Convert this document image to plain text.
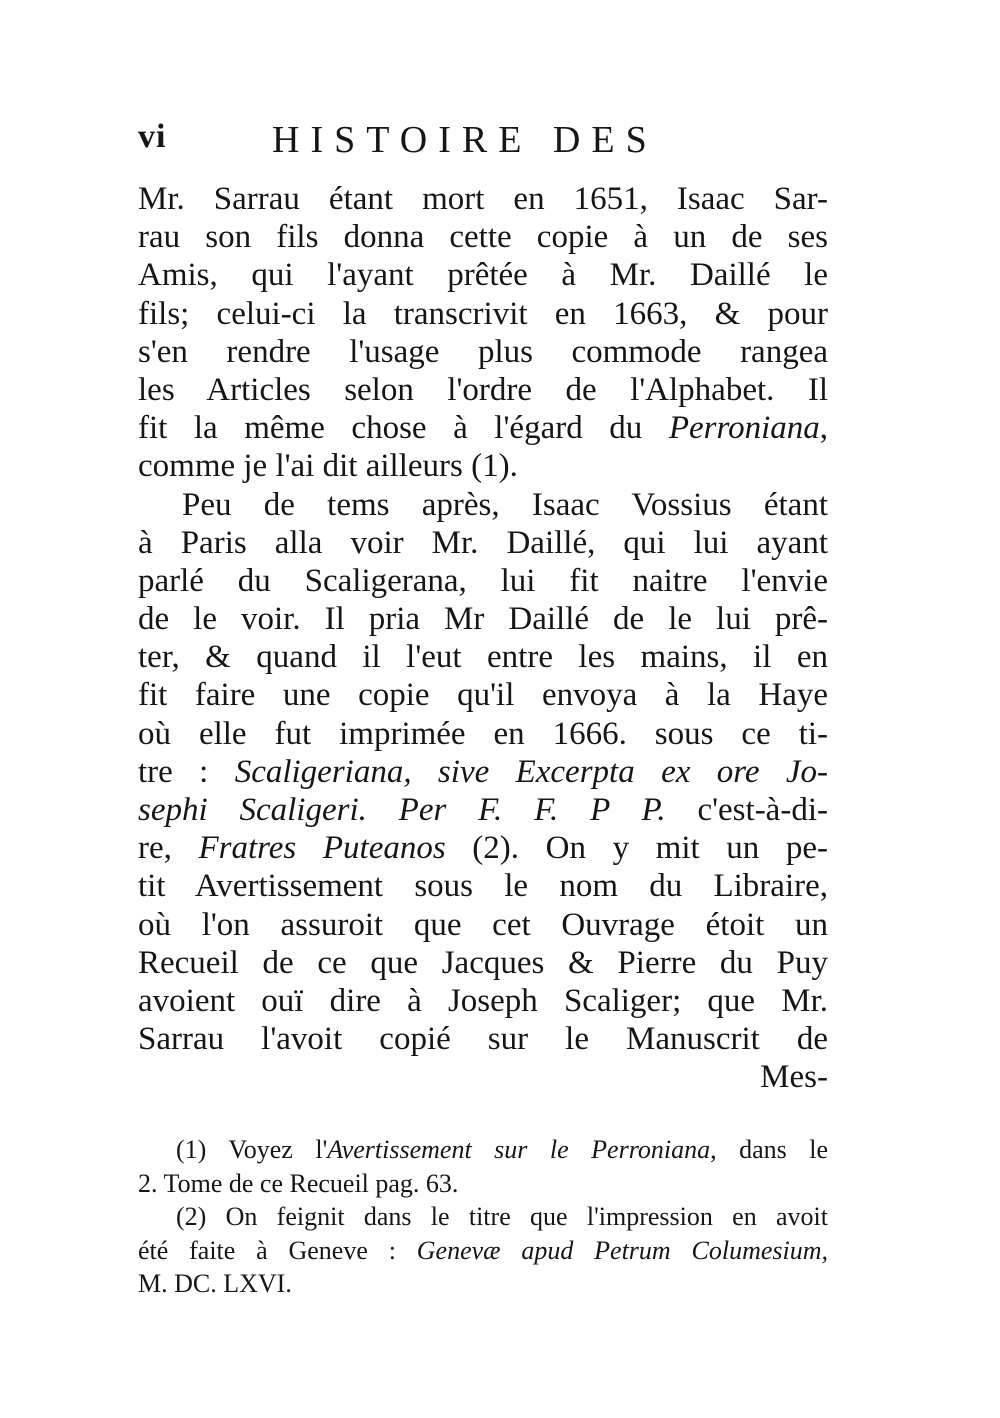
vi	HISTOIRE DES
Mr. Sarrau étant mort en 1651, Isaac Sar-
rau son fils donna cette copie à un de ses
Amis, qui l'ayant prêtée à Mr. Daillé le
fils; celui-ci la transcrivit en 1663, & pour
s'en rendre l'usage plus commode rangea
les Articles selon l'ordre de l'Alphabet. Il
fit la même chose à l'égard du Perroniana,
comme je l'ai dit ailleurs (1).
Peu de tems après, Isaac Vossius étant
à Paris alla voir Mr. Daillé, qui lui ayant
parlé du Scaligerana, lui fit naitre l'envie
de le voir. Il pria Mr Daillé de le lui prê-
ter, & quand il l'eut entre les mains, il en
fit faire une copie qu'il envoya à la Haye
où elle fut imprimée en 1666. sous ce ti-
tre : Scaligeriana, sive Excerpta ex ore Jo-
sephi Scaligeri. Per F. F. P P. c'est-à-di-
re, Fratres Puteanos (2). On y mit un pe-
tit Avertissement sous le nom du Libraire,
où l'on assuroit que cet Ouvrage étoit un
Recueil de ce que Jacques & Pierre du Puy
avoient ouï dire à Joseph Scaliger; que Mr.
Sarrau l'avoit copié sur le Manuscrit de
Mes-
(1) Voyez l'Avertissement sur le Perroniana, dans le
2. Tome de ce Recueil pag. 63.
(2) On feignit dans le titre que l'impression en avoit
été faite à Geneve : Genevæ apud Petrum Columesium,
M. DC. LXVI.
